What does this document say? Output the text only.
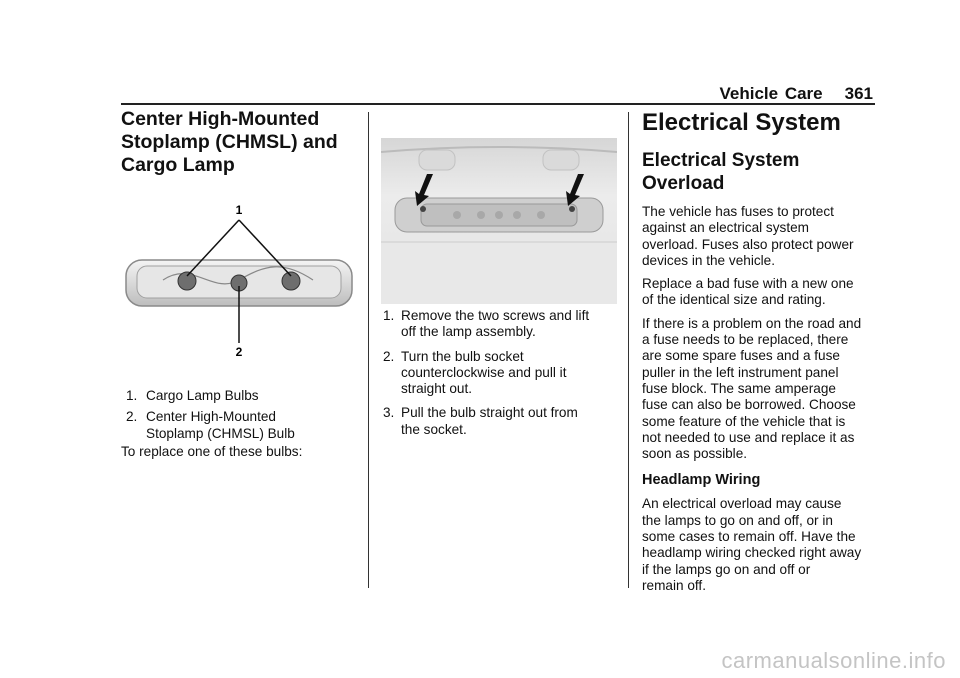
Vehicle Care 361
Center High-Mounted
Stoplamp (CHMSL) and
Cargo Lamp
1
2
1. Cargo Lamp Bulbs
2. Center High-Mounted
Stoplamp (CHMSL) Bulb

To replace one of these bulbs:

1. Remove the two screws and lift
off the lamp assembly.
2. Turn the bulb socket
counterclockwise and pull it
straight out.
3. Pull the bulb straight out from
the socket.
Electrical System
Electrical System
Overload

The vehicle has fuses to protect
against an electrical system
overload. Fuses also protect power
devices in the vehicle.

Replace a bad fuse with a new one
of the identical size and rating.

If there is a problem on the road and
a fuse needs to be replaced, there
are some spare fuses and a fuse
puller in the left instrument panel
fuse block. The same amperage
fuse can also be borrowed. Choose
some feature of the vehicle that is
not needed to use and replace it as
soon as possible.

Headlamp Wiring

An electrical overload may cause
the lamps to go on and off, or in
some cases to remain off. Have the
headlamp wiring checked right away
if the lamps go on and off or
remain off.

carmanualsonline.info
